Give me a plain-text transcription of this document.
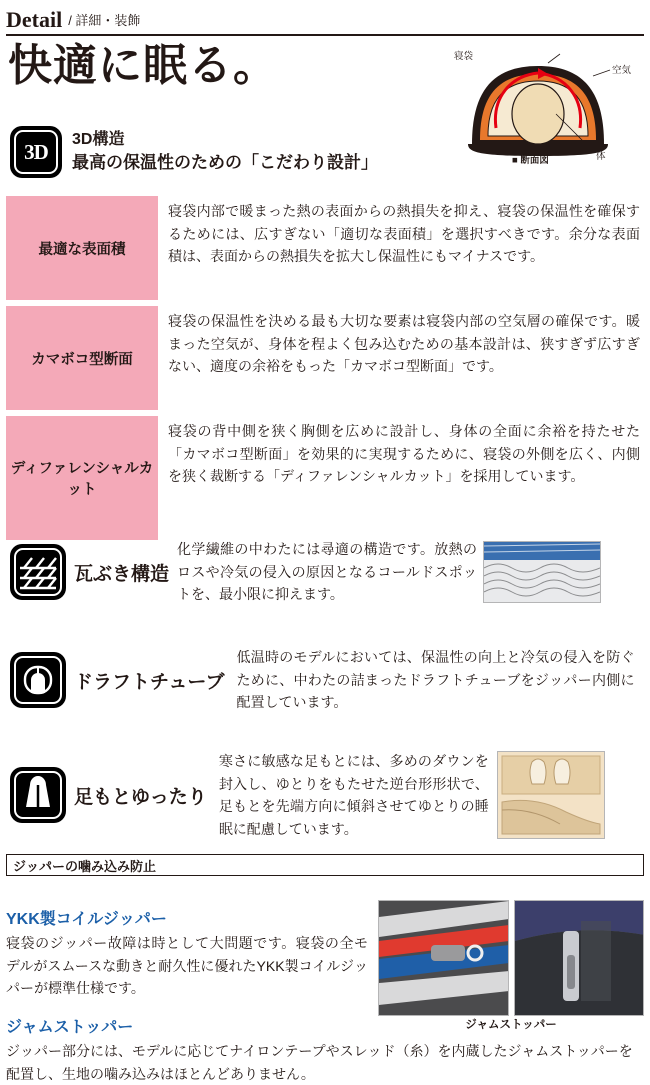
Detail / 詳細・装飾
快適に眠る。
3D 3D構造
最高の保温性のための「こだわり設計」
寝袋
空気
体
■ 断面図
最適な表面積
寝袋内部で暖まった熱の表面からの熱損失を抑え、寝袋の保温性を確保するためには、広すぎない「適切な表面積」を選択すべきです。余分な表面積は、表面からの熱損失を拡大し保温性にもマイナスです。
カマボコ型断面
寝袋の保温性を決める最も大切な要素は寝袋内部の空気層の確保です。暖まった空気が、身体を程よく包み込むための基本設計は、狭すぎず広すぎない、適度の余裕をもった「カマボコ型断面」です。
ディファレンシャルカット
寝袋の背中側を狭く胸側を広めに設計し、身体の全面に余裕を持たせた「カマボコ型断面」を効果的に実現するために、寝袋の外側を広く、内側を狭く裁断する「ディファレンシャルカット」を採用しています。
瓦ぶき構造
化学繊維の中わたには尋適の構造です。放熱のロスや冷気の侵入の原因となるコールドスポットを、最小限に抑えます。
ドラフトチューブ
低温時のモデルにおいては、保温性の向上と冷気の侵入を防ぐために、中わたの詰まったドラフトチューブをジッパー内側に配置しています。
足もとゆったり
寒さに敏感な足もとには、多めのダウンを封入し、ゆとりをもたせた逆台形形状で、足もとを先端方向に傾斜させてゆとりの睡眠に配慮しています。
ジッパーの噛み込み防止
YKK製コイルジッパー
寝袋のジッパー故障は時として大問題です。寝袋の全モデルがスムースな動きと耐久性に優れたYKK製コイルジッパーが標準仕様です。
ジャムストッパー
ジャムストッパー
ジッパー部分には、モデルに応じてナイロンテープやスレッド（糸）を内蔵したジャムストッパーを配置し、生地の噛み込みはほとんどありません。
